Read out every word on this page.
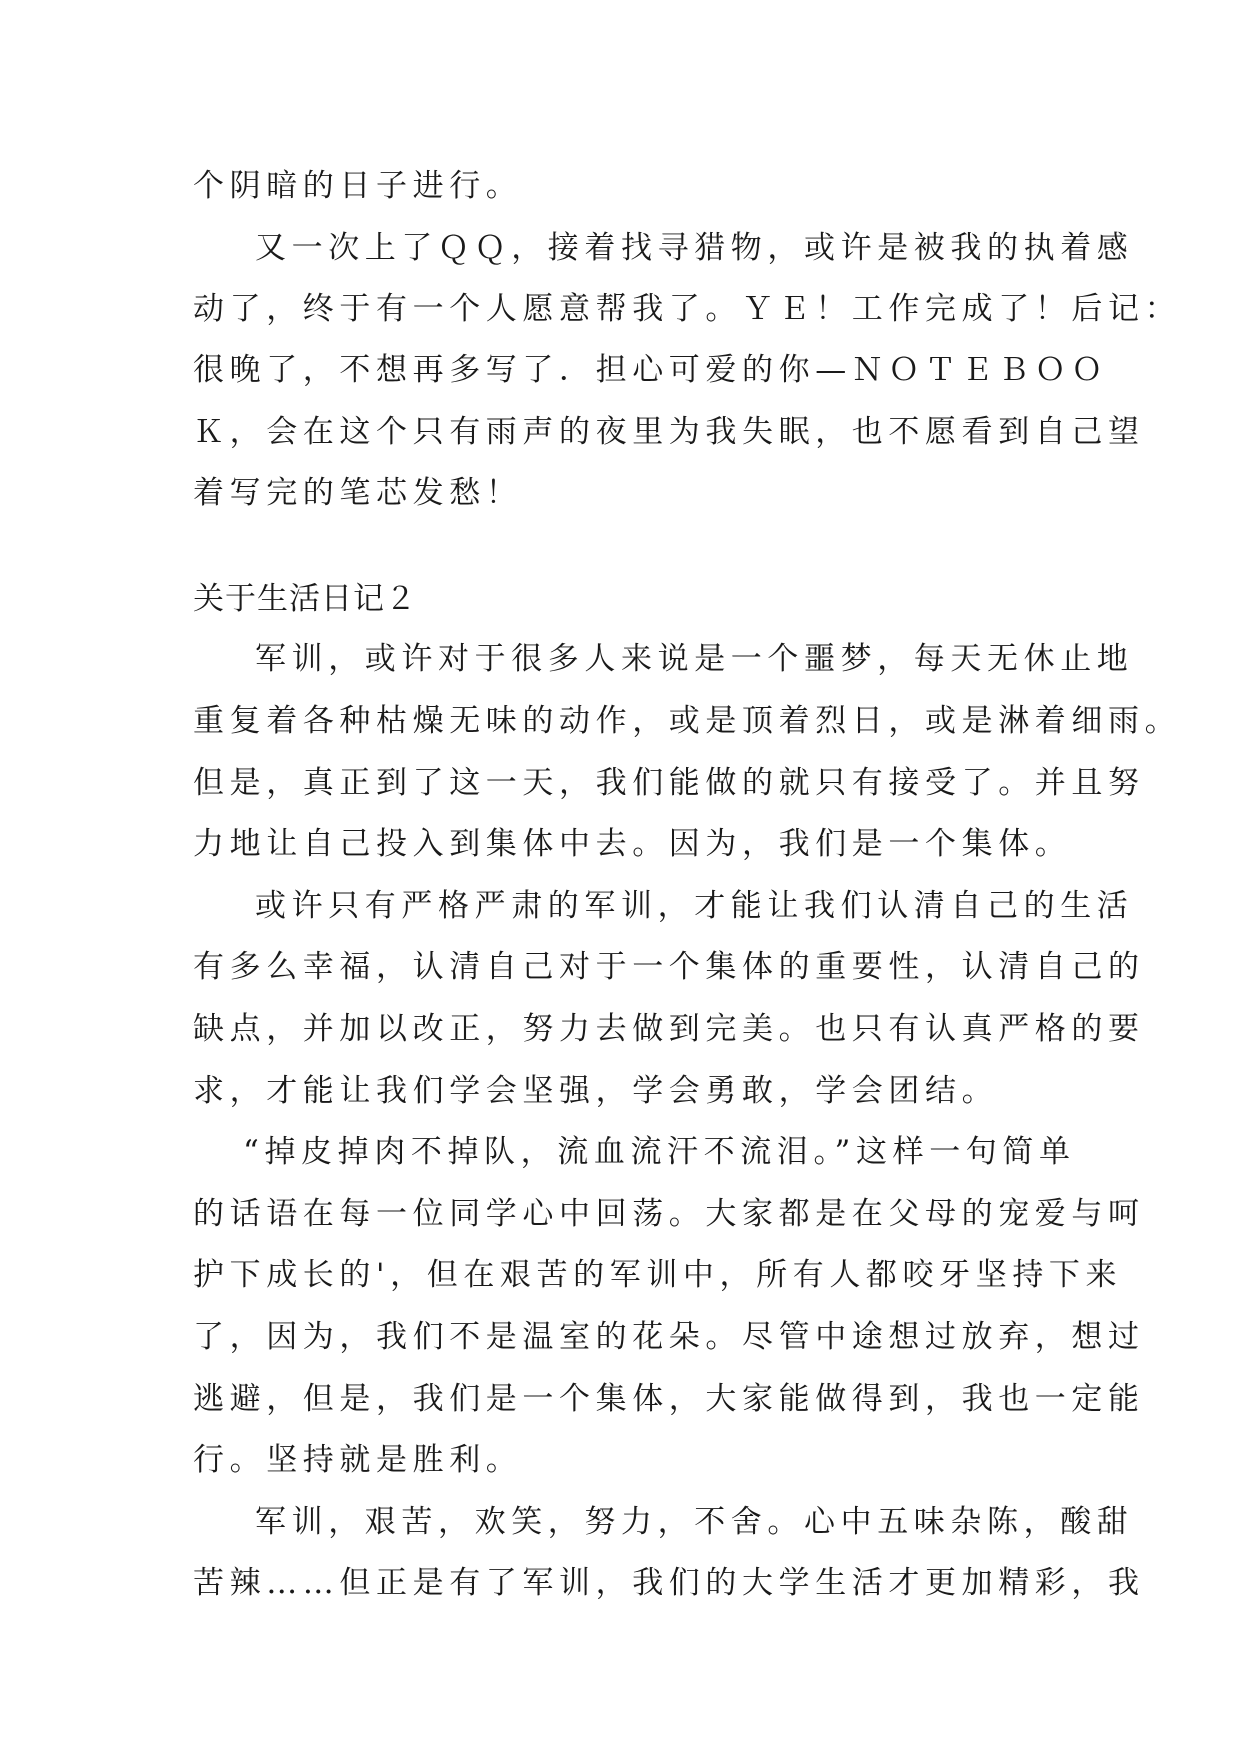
个阴暗的日子进行。
又一次上了ＱＱ，接着找寻猎物，或许是被我的执着感
动了，终于有一个人愿意帮我了。ＹＥ！工作完成了！后记：
很晚了，不想再多写了．担心可爱的你—ＮＯＴＥＢＯＯ
Ｋ，会在这个只有雨声的夜里为我失眠，也不愿看到自己望
着写完的笔芯发愁！
关于生活日记２
军训，或许对于很多人来说是一个噩梦，每天无休止地
重复着各种枯燥无味的动作，或是顶着烈日，或是淋着细雨。
但是，真正到了这一天，我们能做的就只有接受了。并且努
力地让自己投入到集体中去。因为，我们是一个集体。
或许只有严格严肃的军训，才能让我们认清自己的生活
有多么幸福，认清自己对于一个集体的重要性，认清自己的
缺点，并加以改正，努力去做到完美。也只有认真严格的要
求，才能让我们学会坚强，学会勇敢，学会团结。
“掉皮掉肉不掉队，流血流汗不流泪。”这样一句简单
的话语在每一位同学心中回荡。大家都是在父母的宠爱与呵
护下成长的'，但在艰苦的军训中，所有人都咬牙坚持下来
了，因为，我们不是温室的花朵。尽管中途想过放弃，想过
逃避，但是，我们是一个集体，大家能做得到，我也一定能
行。坚持就是胜利。
军训，艰苦，欢笑，努力，不舍。心中五味杂陈，酸甜
苦辣……但正是有了军训，我们的大学生活才更加精彩，我
